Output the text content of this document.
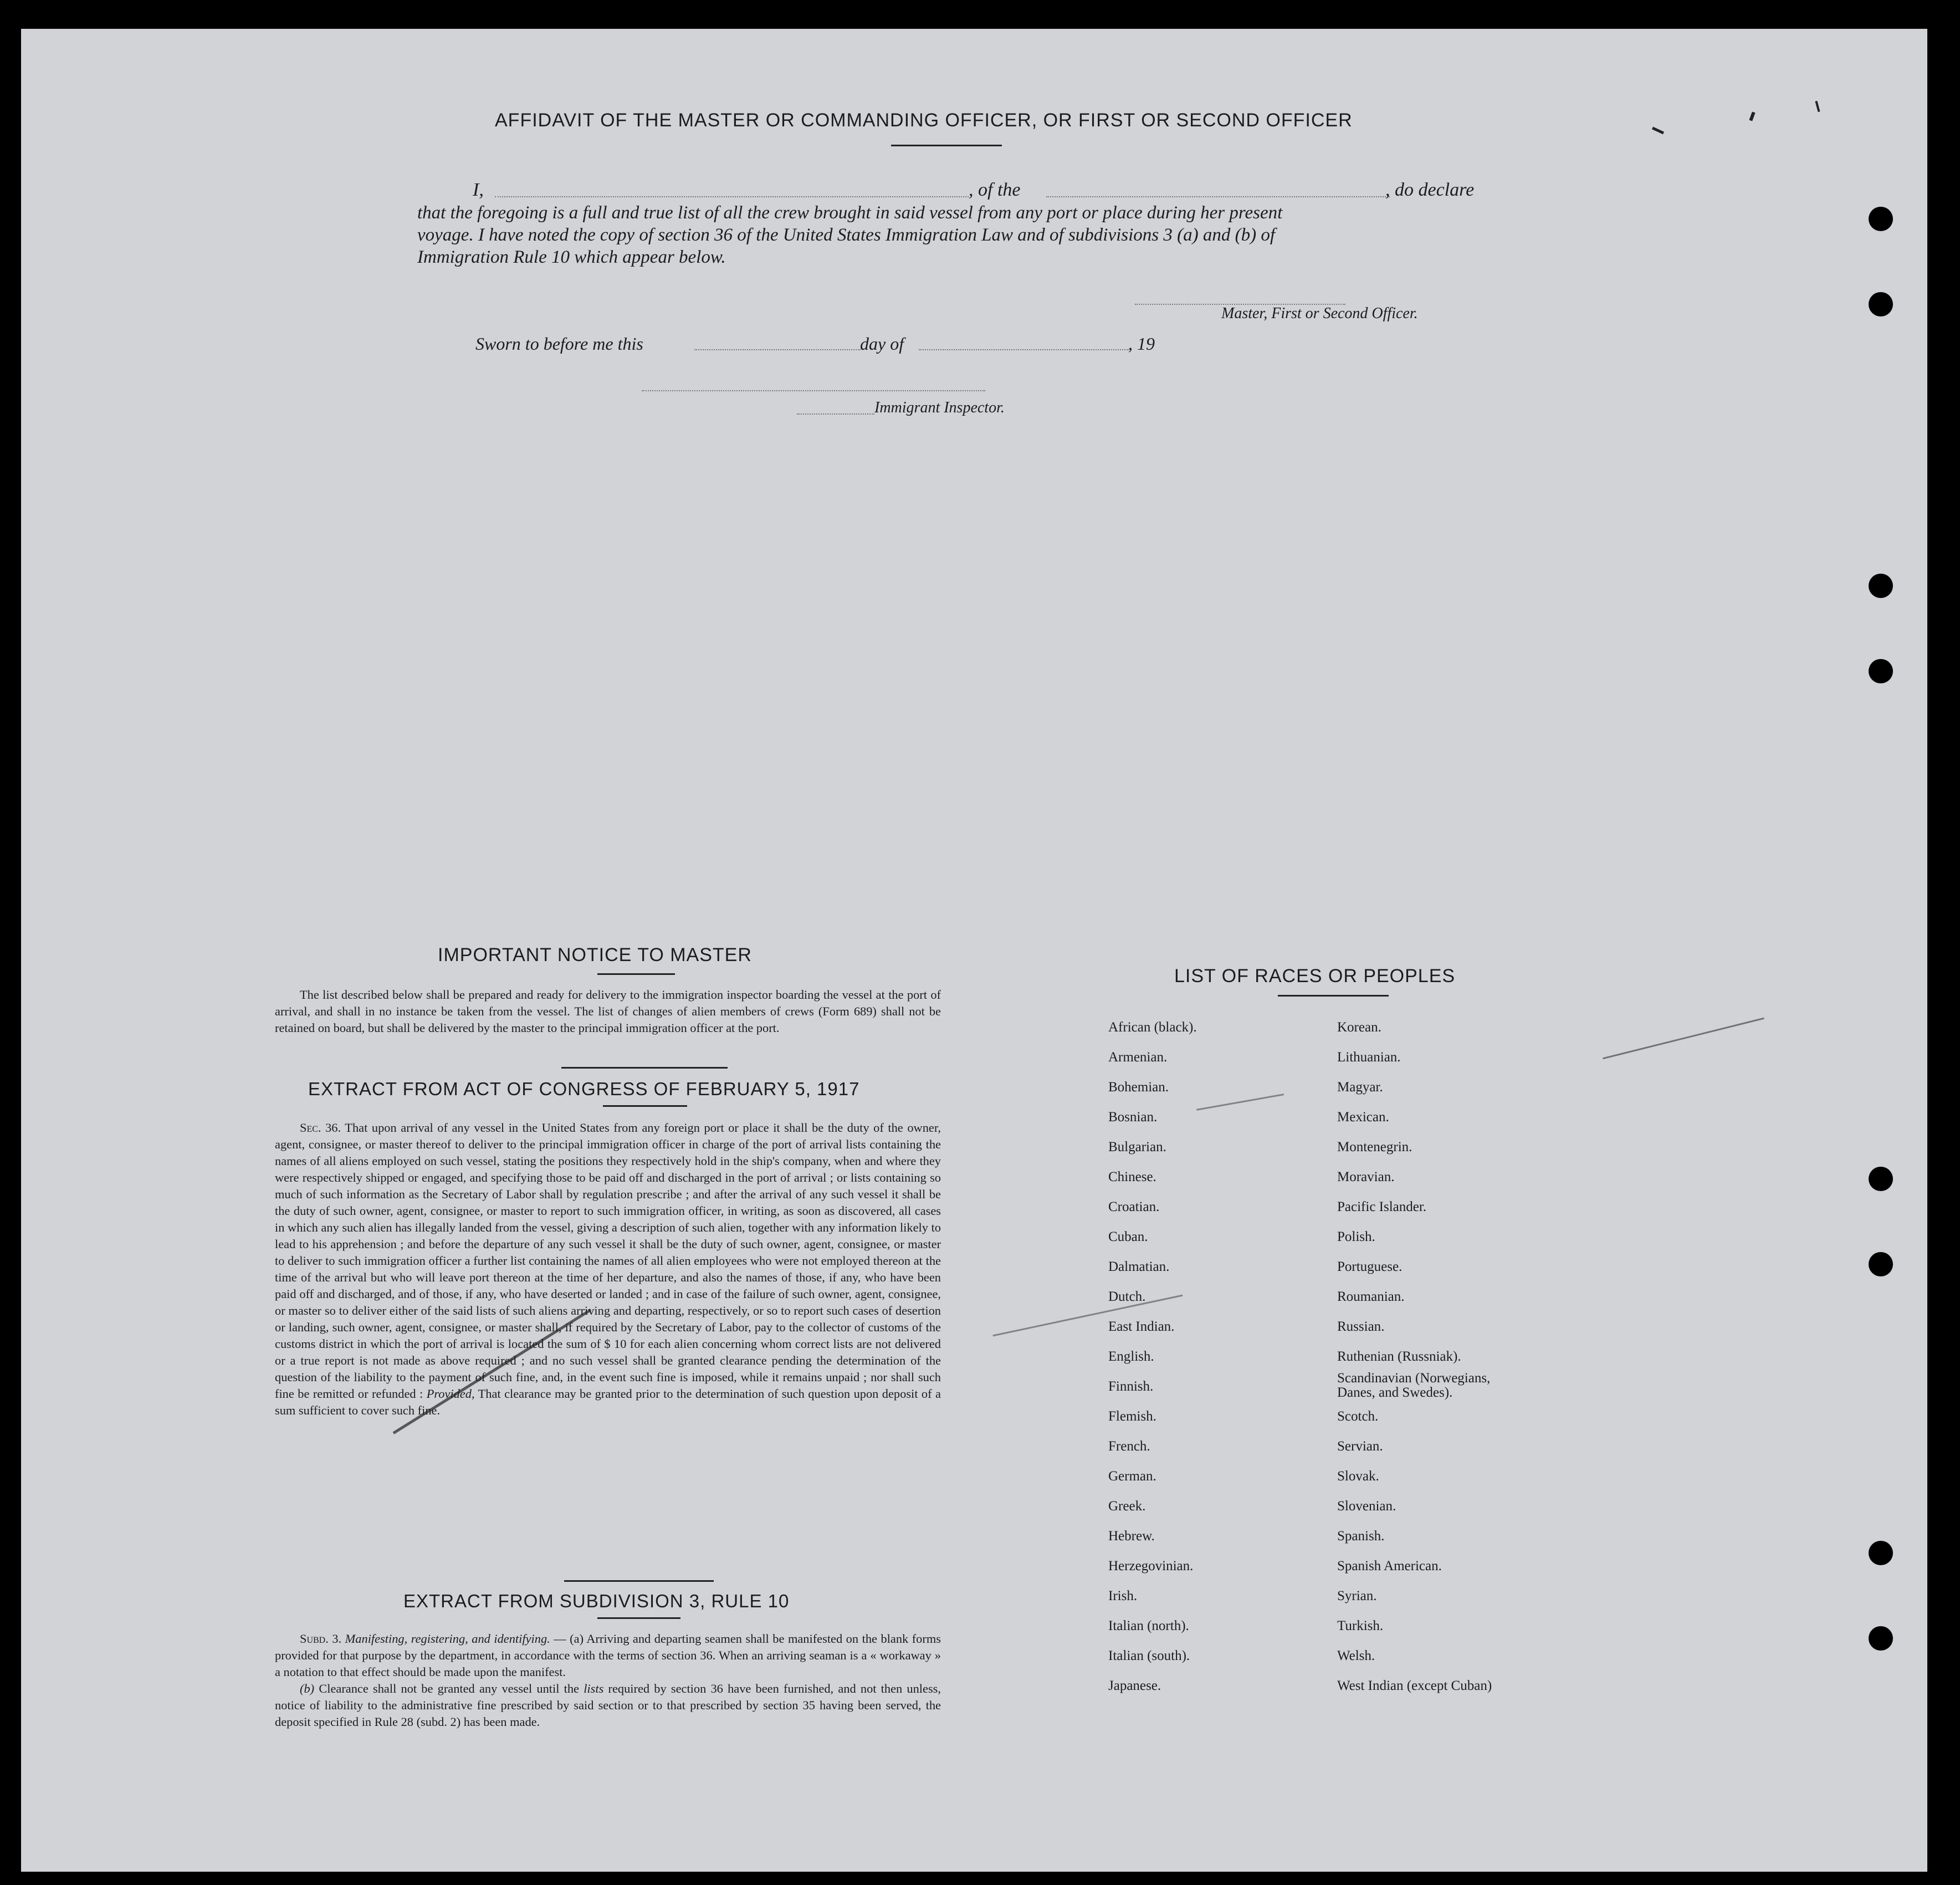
AFFIDAVIT OF THE MASTER OR COMMANDING OFFICER, OR FIRST OR SECOND OFFICER
I,	, of the	, do declare
that the foregoing is a full and true list of all the crew brought in said vessel from any port or place during her present
voyage. I have noted the copy of section 36 of the United States Immigration Law and of subdivisions 3 (a) and (b) of
Immigration Rule 10 which appear below.
Master, First or Second Officer.
Sworn to before me this	day of	, 19
Immigrant Inspector.
IMPORTANT NOTICE TO MASTER

The list described below shall be prepared and ready for delivery to the immigration inspector boarding the vessel at the port of arrival, and shall in no instance be taken from the vessel. The list of changes of alien members of crews (Form 689) shall not be retained on board, but shall be delivered by the master to the principal immigration officer at the port.

EXTRACT FROM ACT OF CONGRESS OF FEBRUARY 5, 1917

Sec. 36. That upon arrival of any vessel in the United States from any foreign port or place it shall be the duty of the owner, agent, consignee, or master thereof to deliver to the principal immigration officer in charge of the port of arrival lists containing the names of all aliens employed on such vessel, stating the positions they respectively hold in the ship's company, when and where they were respectively shipped or engaged, and specifying those to be paid off and discharged in the port of arrival ; or lists containing so much of such information as the Secretary of Labor shall by regulation prescribe ; and after the arrival of any such vessel it shall be the duty of such owner, agent, consignee, or master to report to such immigration officer, in writing, as soon as discovered, all cases in which any such alien has illegally landed from the vessel, giving a description of such alien, together with any information likely to lead to his apprehension ; and before the departure of any such vessel it shall be the duty of such owner, agent, consignee, or master to deliver to such immigration officer a further list containing the names of all alien employees who were not employed thereon at the time of the arrival but who will leave port thereon at the time of her departure, and also the names of those, if any, who have been paid off and discharged, and of those, if any, who have deserted or landed ; and in case of the failure of such owner, agent, consignee, or master so to deliver either of the said lists of such aliens arriving and departing, respectively, or so to report such cases of desertion or landing, such owner, agent, consignee, or master shall, if required by the Secretary of Labor, pay to the collector of customs of the customs district in which the port of arrival is located the sum of $ 10 for each alien concerning whom correct lists are not delivered or a true report is not made as above required ; and no such vessel shall be granted clearance pending the determination of the question of the liability to the payment of such fine, and, in the event such fine is imposed, while it remains unpaid ; nor shall such fine be remitted or refunded : Provided, That clearance may be granted prior to the determination of such question upon deposit of a sum sufficient to cover such fine.

EXTRACT FROM SUBDIVISION 3, RULE 10

Subd. 3. Manifesting, registering, and identifying. — (a) Arriving and departing seamen shall be manifested on the blank forms provided for that purpose by the department, in accordance with the terms of section 36. When an arriving seaman is a « workaway » a notation to that effect should be made upon the manifest.

(b) Clearance shall not be granted any vessel until the lists required by section 36 have been furnished, and not then unless, notice of liability to the administrative fine prescribed by said section or to that prescribed by section 35 having been served, the deposit specified in Rule 28 (subd. 2) has been made.

LIST OF RACES OR PEOPLES
African (black).
Armenian.
Bohemian.
Bosnian.
Bulgarian.
Chinese.
Croatian.
Cuban.
Dalmatian.
Dutch.
East Indian.
English.
Finnish.
Flemish.
French.
German.
Greek.
Hebrew.
Herzegovinian.
Irish.
Italian (north).
Italian (south).
Japanese.
Korean.
Lithuanian.
Magyar.
Mexican.
Montenegrin.
Moravian.
Pacific Islander.
Polish.
Portuguese.
Roumanian.
Russian.
Ruthenian (Russniak).
Scandinavian (Norwegians, Danes, and Swedes).
Scotch.
Servian.
Slovak.
Slovenian.
Spanish.
Spanish American.
Syrian.
Turkish.
Welsh.
West Indian (except Cuban)
